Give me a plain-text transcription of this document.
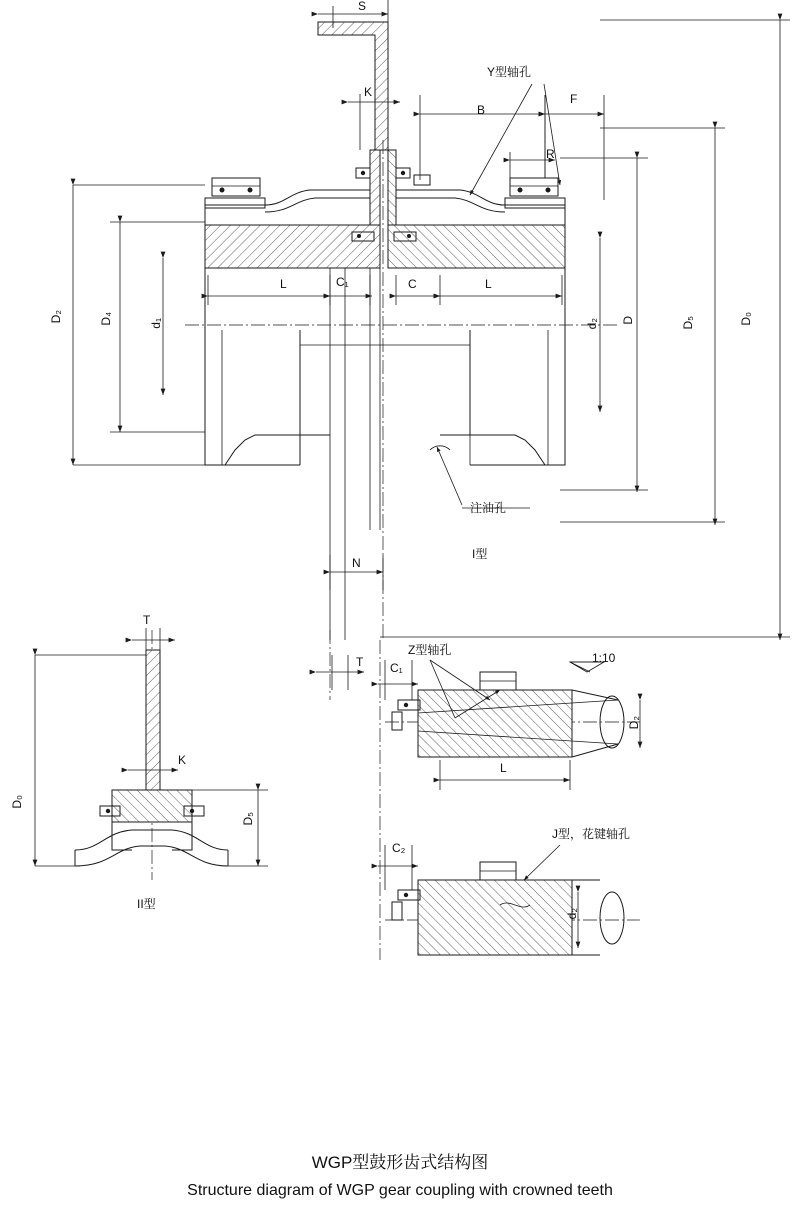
S
K
B
F
R
Y型轴孔
L	C₁	C	L
D₂	D₄	d₁	d₂ D	D₅	D₀
注油孔
I型
N
T
K
D₀
D₅
II型
T C₁
Z型轴孔
1:10
D₂
L
C₂
J型，花键轴孔
d₂
WGP型鼓形齿式结构图
Structure diagram of WGP gear coupling with crowned teeth
